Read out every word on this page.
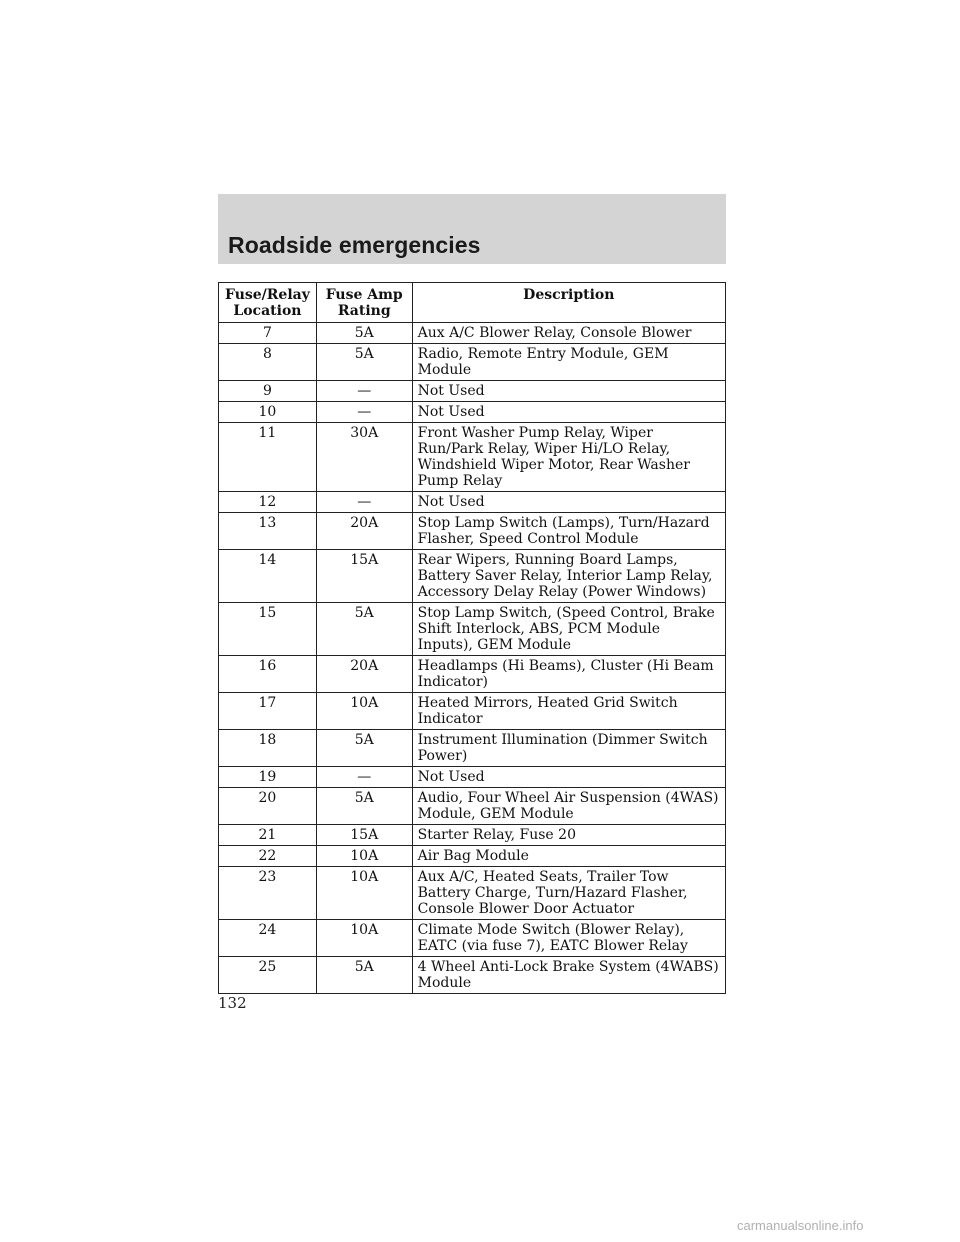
Roadside emergencies
Fuse/Relay Location	Fuse Amp Rating	Description
7	5A	Aux A/C Blower Relay, Console Blower
8	5A	Radio, Remote Entry Module, GEM Module
9	—	Not Used
10	—	Not Used
11	30A	Front Washer Pump Relay, Wiper Run/Park Relay, Wiper Hi/LO Relay, Windshield Wiper Motor, Rear Washer Pump Relay
12	—	Not Used
13	20A	Stop Lamp Switch (Lamps), Turn/Hazard Flasher, Speed Control Module
14	15A	Rear Wipers, Running Board Lamps, Battery Saver Relay, Interior Lamp Relay, Accessory Delay Relay (Power Windows)
15	5A	Stop Lamp Switch, (Speed Control, Brake Shift Interlock, ABS, PCM Module Inputs), GEM Module
16	20A	Headlamps (Hi Beams), Cluster (Hi Beam Indicator)
17	10A	Heated Mirrors, Heated Grid Switch Indicator
18	5A	Instrument Illumination (Dimmer Switch Power)
19	—	Not Used
20	5A	Audio, Four Wheel Air Suspension (4WAS) Module, GEM Module
21	15A	Starter Relay, Fuse 20
22	10A	Air Bag Module
23	10A	Aux A/C, Heated Seats, Trailer Tow Battery Charge, Turn/Hazard Flasher, Console Blower Door Actuator
24	10A	Climate Mode Switch (Blower Relay), EATC (via fuse 7), EATC Blower Relay
25	5A	4 Wheel Anti-Lock Brake System (4WABS) Module
132
carmanualsonline.info
